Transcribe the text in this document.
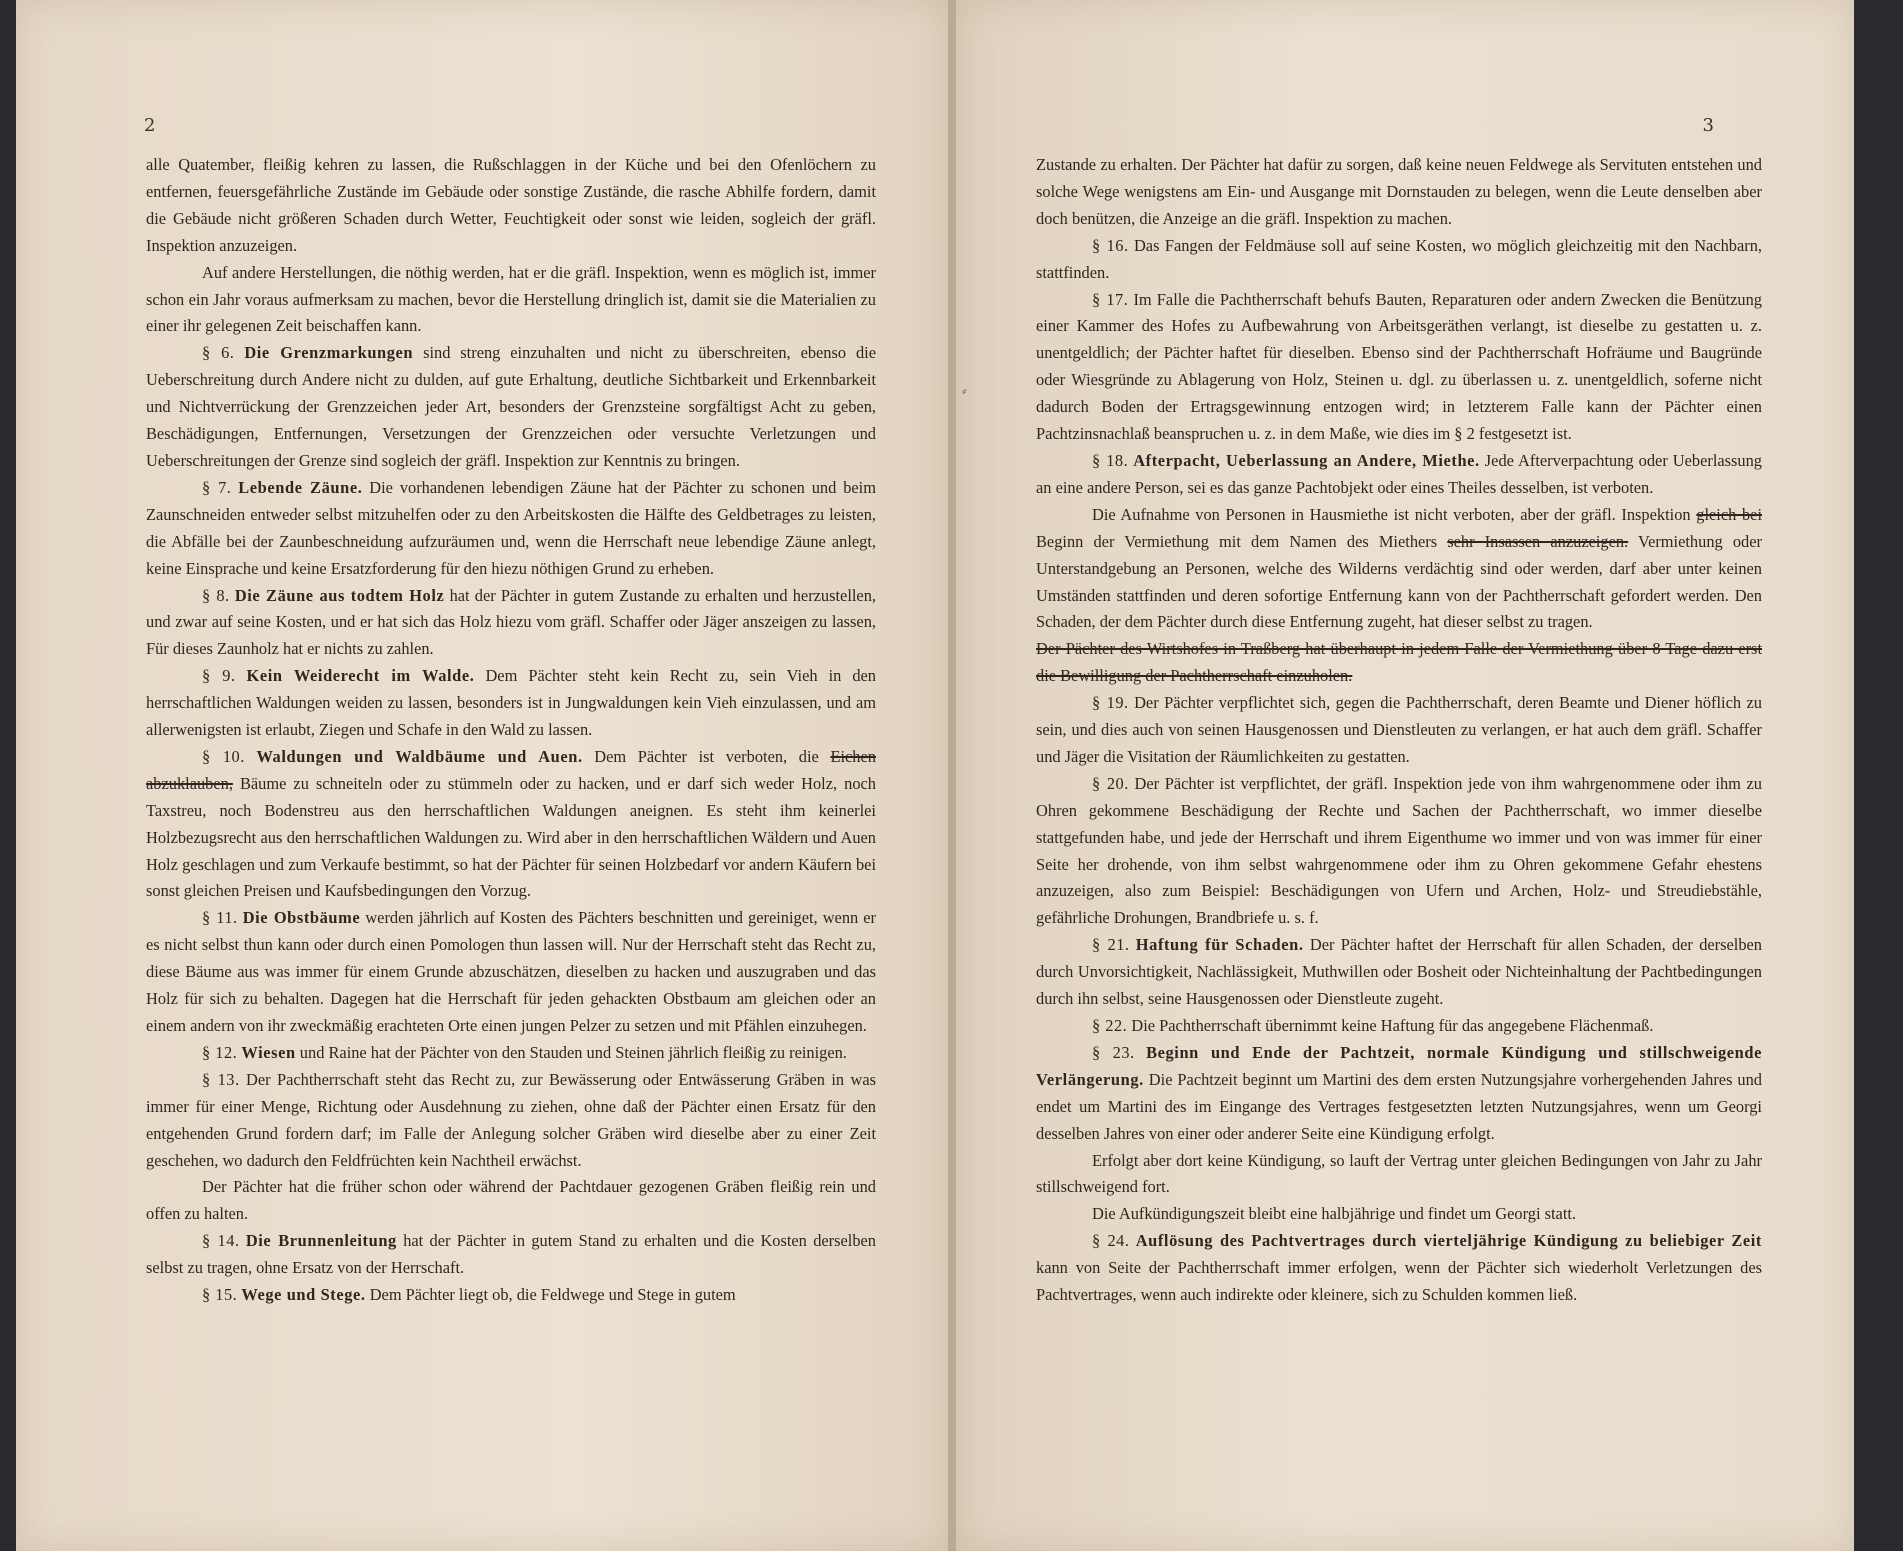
2

alle Quatember, fleißig kehren zu lassen, die Rußschlaggen in der Küche und bei den Ofenlöchern zu entfernen, feuersgefährliche Zustände im Gebäude oder sonstige Zustände, die rasche Abhilfe fordern, damit die Gebäude nicht größeren Schaden durch Wetter, Feuchtigkeit oder sonst wie leiden, sogleich der gräfl. Inspektion anzuzeigen.

Auf andere Herstellungen, die nöthig werden, hat er die gräfl. Inspektion, wenn es möglich ist, immer schon ein Jahr voraus aufmerksam zu machen, bevor die Herstellung dringlich ist, damit sie die Materialien zu einer ihr gelegenen Zeit beischaffen kann.

§ 6. Die Grenzmarkungen sind streng einzuhalten und nicht zu überschreiten, ebenso die Ueberschreitung durch Andere nicht zu dulden, auf gute Erhaltung, deutliche Sichtbarkeit und Erkennbarkeit und Nichtverrückung der Grenzzeichen jeder Art, besonders der Grenzsteine sorgfältigst Acht zu geben, Beschädigungen, Entfernungen, Versetzungen der Grenzzeichen oder versuchte Verletzungen und Ueberschreitungen der Grenze sind sogleich der gräfl. Inspektion zur Kenntnis zu bringen.

§ 7. Lebende Zäune. Die vorhandenen lebendigen Zäune hat der Pächter zu schonen und beim Zaunschneiden entweder selbst mitzuhelfen oder zu den Arbeitskosten die Hälfte des Geldbetrages zu leisten, die Abfälle bei der Zaunbeschneidung aufzuräumen und, wenn die Herrschaft neue lebendige Zäune anlegt, keine Einsprache und keine Ersatzforderung für den hiezu nöthigen Grund zu erheben.

§ 8. Die Zäune aus todtem Holz hat der Pächter in gutem Zustande zu erhalten und herzustellen, und zwar auf seine Kosten, und er hat sich das Holz hiezu vom gräfl. Schaffer oder Jäger anszeigen zu lassen, Für dieses Zaunholz hat er nichts zu zahlen.

§ 9. Kein Weiderecht im Walde. Dem Pächter steht kein Recht zu, sein Vieh in den herrschaftlichen Waldungen weiden zu lassen, besonders ist in Jungwaldungen kein Vieh einzulassen, und am allerwenigsten ist erlaubt, Ziegen und Schafe in den Wald zu lassen.

§ 10. Waldungen und Waldbäume und Auen. Dem Pächter ist verboten, die Eichen abzuklauben, Bäume zu schneiteln oder zu stümmeln oder zu hacken, und er darf sich weder Holz, noch Taxstreu, noch Bodenstreu aus den herrschaftlichen Waldungen aneignen. Es steht ihm keinerlei Holzbezugsrecht aus den herrschaftlichen Waldungen zu. Wird aber in den herrschaftlichen Wäldern und Auen Holz geschlagen und zum Verkaufe bestimmt, so hat der Pächter für seinen Holzbedarf vor andern Käufern bei sonst gleichen Preisen und Kaufsbedingungen den Vorzug.

§ 11. Die Obstbäume werden jährlich auf Kosten des Pächters beschnitten und gereiniget, wenn er es nicht selbst thun kann oder durch einen Pomologen thun lassen will. Nur der Herrschaft steht das Recht zu, diese Bäume aus was immer für einem Grunde abzuschätzen, dieselben zu hacken und auszugraben und das Holz für sich zu behalten. Dagegen hat die Herrschaft für jeden gehackten Obstbaum am gleichen oder an einem andern von ihr zweckmäßig erachteten Orte einen jungen Pelzer zu setzen und mit Pfählen einzuhegen.

§ 12. Wiesen und Raine hat der Pächter von den Stauden und Steinen jährlich fleißig zu reinigen.

§ 13. Der Pachtherrschaft steht das Recht zu, zur Bewässerung oder Entwässerung Gräben in was immer für einer Menge, Richtung oder Ausdehnung zu ziehen, ohne daß der Pächter einen Ersatz für den entgehenden Grund fordern darf; im Falle der Anlegung solcher Gräben wird dieselbe aber zu einer Zeit geschehen, wo dadurch den Feldfrüchten kein Nachtheil erwächst.

Der Pächter hat die früher schon oder während der Pachtdauer gezogenen Gräben fleißig rein und offen zu halten.

§ 14. Die Brunnenleitung hat der Pächter in gutem Stand zu erhalten und die Kosten derselben selbst zu tragen, ohne Ersatz von der Herrschaft.

§ 15. Wege und Stege. Dem Pächter liegt ob, die Feldwege und Stege in gutem

3

Zustande zu erhalten. Der Pächter hat dafür zu sorgen, daß keine neuen Feldwege als Servituten entstehen und solche Wege wenigstens am Ein- und Ausgange mit Dornstauden zu belegen, wenn die Leute denselben aber doch benützen, die Anzeige an die gräfl. Inspektion zu machen.

§ 16. Das Fangen der Feldmäuse soll auf seine Kosten, wo möglich gleichzeitig mit den Nachbarn, stattfinden.

§ 17. Im Falle die Pachtherrschaft behufs Bauten, Reparaturen oder andern Zwecken die Benützung einer Kammer des Hofes zu Aufbewahrung von Arbeitsgeräthen verlangt, ist dieselbe zu gestatten u. z. unentgeldlich; der Pächter haftet für dieselben. Ebenso sind der Pachtherrschaft Hofräume und Baugründe oder Wiesgründe zu Ablagerung von Holz, Steinen u. dgl. zu überlassen u. z. unentgeldlich, soferne nicht dadurch Boden der Ertragsgewinnung entzogen wird; in letzterem Falle kann der Pächter einen Pachtzinsnachlaß beanspruchen u. z. in dem Maße, wie dies im § 2 festgesetzt ist.

§ 18. Afterpacht, Ueberlassung an Andere, Miethe. Jede Afterverpachtung oder Ueberlassung an eine andere Person, sei es das ganze Pachtobjekt oder eines Theiles desselben, ist verboten.

Die Aufnahme von Personen in Hausmiethe ist nicht verboten, aber der gräfl. Inspektion gleich bei Beginn der Vermiethung mit dem Namen des Miethers sehr Insassen anzuzeigen. Vermiethung oder Unterstandgebung an Personen, welche des Wilderns verdächtig sind oder werden, darf aber unter keinen Umständen stattfinden und deren sofortige Entfernung kann von der Pachtherrschaft gefordert werden. Den Schaden, der dem Pächter durch diese Entfernung zugeht, hat dieser selbst zu tragen.

Der Pächter des Wirtshofes in Traßberg hat überhaupt in jedem Falle der Vermiethung über 8 Tage dazu erst die Bewilligung der Pachtherrschaft einzuholen.

§ 19. Der Pächter verpflichtet sich, gegen die Pachtherrschaft, deren Beamte und Diener höflich zu sein, und dies auch von seinen Hausgenossen und Dienstleuten zu verlangen, er hat auch dem gräfl. Schaffer und Jäger die Visitation der Räumlichkeiten zu gestatten.

§ 20. Der Pächter ist verpflichtet, der gräfl. Inspektion jede von ihm wahrgenommene oder ihm zu Ohren gekommene Beschädigung der Rechte und Sachen der Pachtherrschaft, wo immer dieselbe stattgefunden habe, und jede der Herrschaft und ihrem Eigenthume wo immer und von was immer für einer Seite her drohende, von ihm selbst wahrgenommene oder ihm zu Ohren gekommene Gefahr ehestens anzuzeigen, also zum Beispiel: Beschädigungen von Ufern und Archen, Holz- und Streudiebstähle, gefährliche Drohungen, Brandbriefe u. s. f.

§ 21. Haftung für Schaden. Der Pächter haftet der Herrschaft für allen Schaden, der derselben durch Unvorsichtigkeit, Nachlässigkeit, Muthwillen oder Bosheit oder Nichteinhaltung der Pachtbedingungen durch ihn selbst, seine Hausgenossen oder Dienstleute zugeht.

§ 22. Die Pachtherrschaft übernimmt keine Haftung für das angegebene Flächenmaß.

§ 23. Beginn und Ende der Pachtzeit, normale Kündigung und stillschweigende Verlängerung. Die Pachtzeit beginnt um Martini des dem ersten Nutzungsjahre vorhergehenden Jahres und endet um Martini des im Eingange des Vertrages festgesetzten letzten Nutzungsjahres, wenn um Georgi desselben Jahres von einer oder anderer Seite eine Kündigung erfolgt.

Erfolgt aber dort keine Kündigung, so lauft der Vertrag unter gleichen Bedingungen von Jahr zu Jahr stillschweigend fort.

Die Aufkündigungszeit bleibt eine halbjährige und findet um Georgi statt.

§ 24. Auflösung des Pachtvertrages durch vierteljährige Kündigung zu beliebiger Zeit kann von Seite der Pachtherrschaft immer erfolgen, wenn der Pächter sich wiederholt Verletzungen des Pachtvertrages, wenn auch indirekte oder kleinere, sich zu Schulden kommen ließ.

⸗
